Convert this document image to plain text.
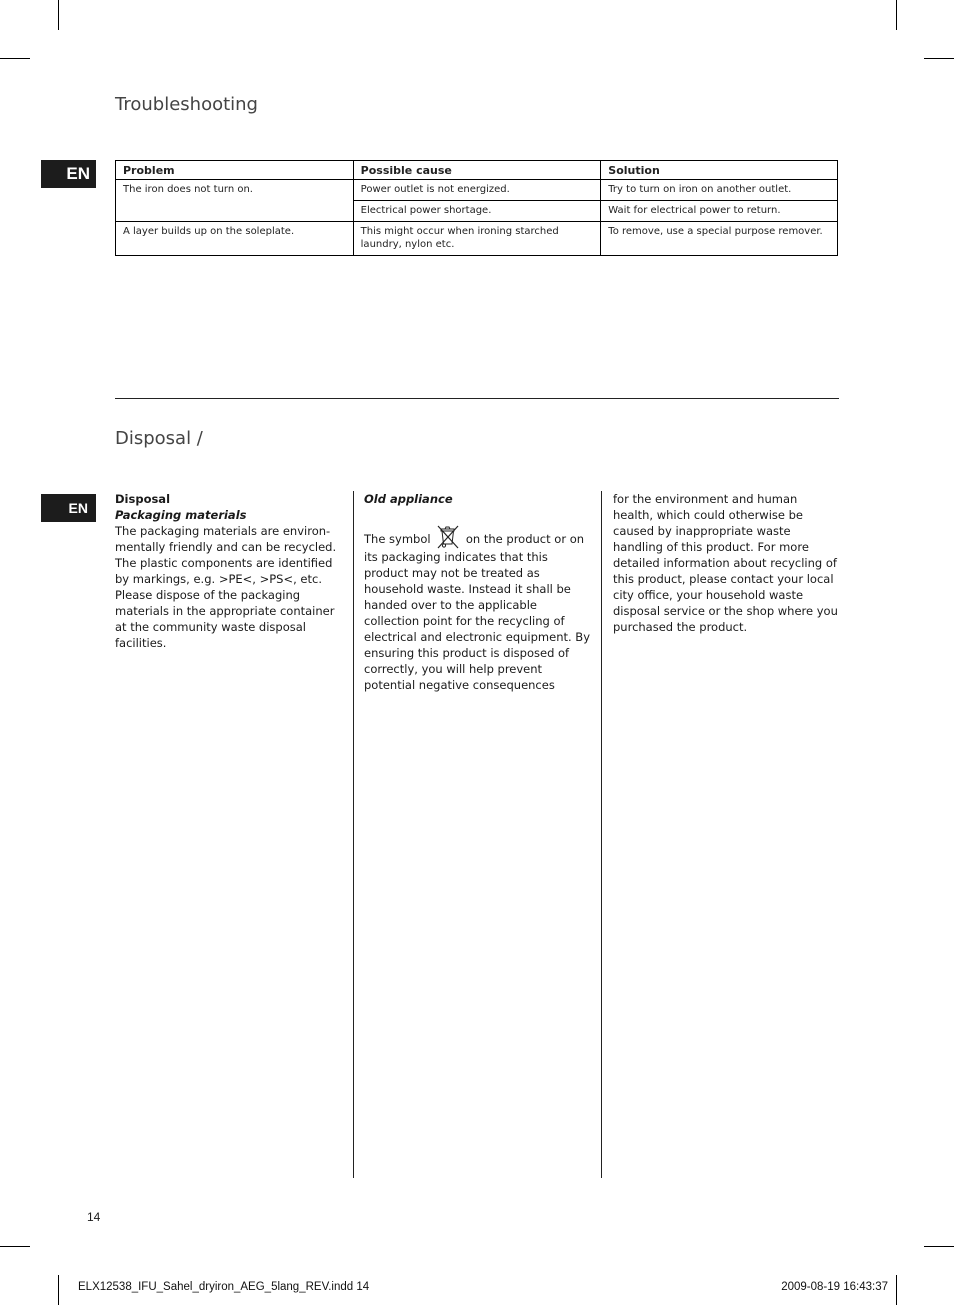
Troubleshooting
EN	Problem	Possible cause	Solution
The iron does not turn on.	Power outlet is not energized.	Try to turn on iron on another outlet.
	Electrical power shortage.	Wait for electrical power to return.
A layer builds up on the soleplate.	This might occur when ironing starched laundry, nylon etc.	To remove, use a special purpose remover.
Disposal /
EN

Disposal

Packaging materials

The packaging materials are environ-mentally friendly and can be recycled.

The plastic components are identified by markings, e.g. >PE<, >PS<, etc.

Please dispose of the packaging materials in the appropriate container at the community waste disposal facilities.

Old appliance

The symbol	on the product or on its packaging indicates that this product may not be treated as household waste. Instead it shall be handed over to the applicable collection point for the recycling of electrical and electronic equipment. By ensuring this product is disposed of correctly, you will help prevent potential negative consequences

for the environment and human health, which could otherwise be caused by inappropriate waste handling of this product. For more detailed information about recycling of this product, please contact your local city office, your household waste disposal service or the shop where you purchased the product.

14
ELX12538_IFU_Sahel_dryiron_AEG_5lang_REV.indd 14	2009-08-19 16:43:37
